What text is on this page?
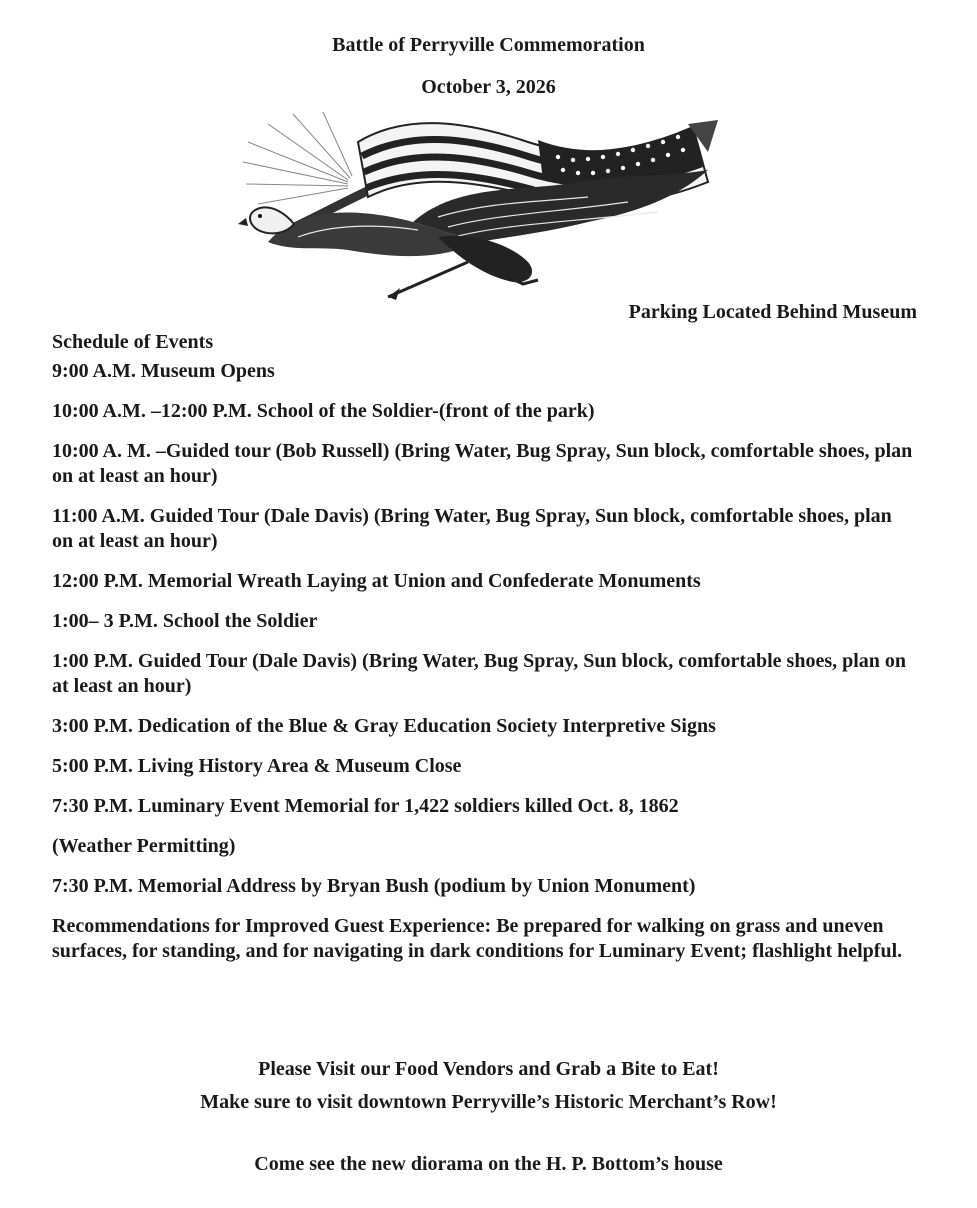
Battle of Perryville Commemoration
October 3, 2026
Parking Located Behind Museum
Schedule of Events
9:00 A.M. Museum Opens
10:00 A.M. –12:00 P.M. School of the Soldier-(front of the park)
10:00 A. M. –Guided tour (Bob Russell) (Bring Water, Bug Spray, Sun block, comfortable shoes, plan on at least an hour)
11:00 A.M. Guided Tour (Dale Davis) (Bring Water, Bug Spray, Sun block, comfortable shoes, plan on at least an hour)
12:00 P.M. Memorial Wreath Laying at Union and Confederate Monuments
1:00– 3 P.M. School the Soldier
1:00 P.M. Guided Tour (Dale Davis) (Bring Water, Bug Spray, Sun block, comfortable shoes, plan on at least an hour)
3:00 P.M. Dedication of the Blue & Gray Education Society Interpretive Signs
5:00 P.M. Living History Area & Museum Close
7:30 P.M. Luminary Event Memorial for 1,422 soldiers killed Oct. 8, 1862
(Weather Permitting)
7:30 P.M. Memorial Address by Bryan Bush (podium by Union Monument)
Recommendations for Improved Guest Experience: Be prepared for walking on grass and uneven surfaces, for standing, and for navigating in dark conditions for Luminary Event; flashlight helpful.
Please Visit our Food Vendors and Grab a Bite to Eat!
Make sure to visit downtown Perryville’s Historic Merchant’s Row!
Come see the new diorama on the H. P. Bottom’s house
